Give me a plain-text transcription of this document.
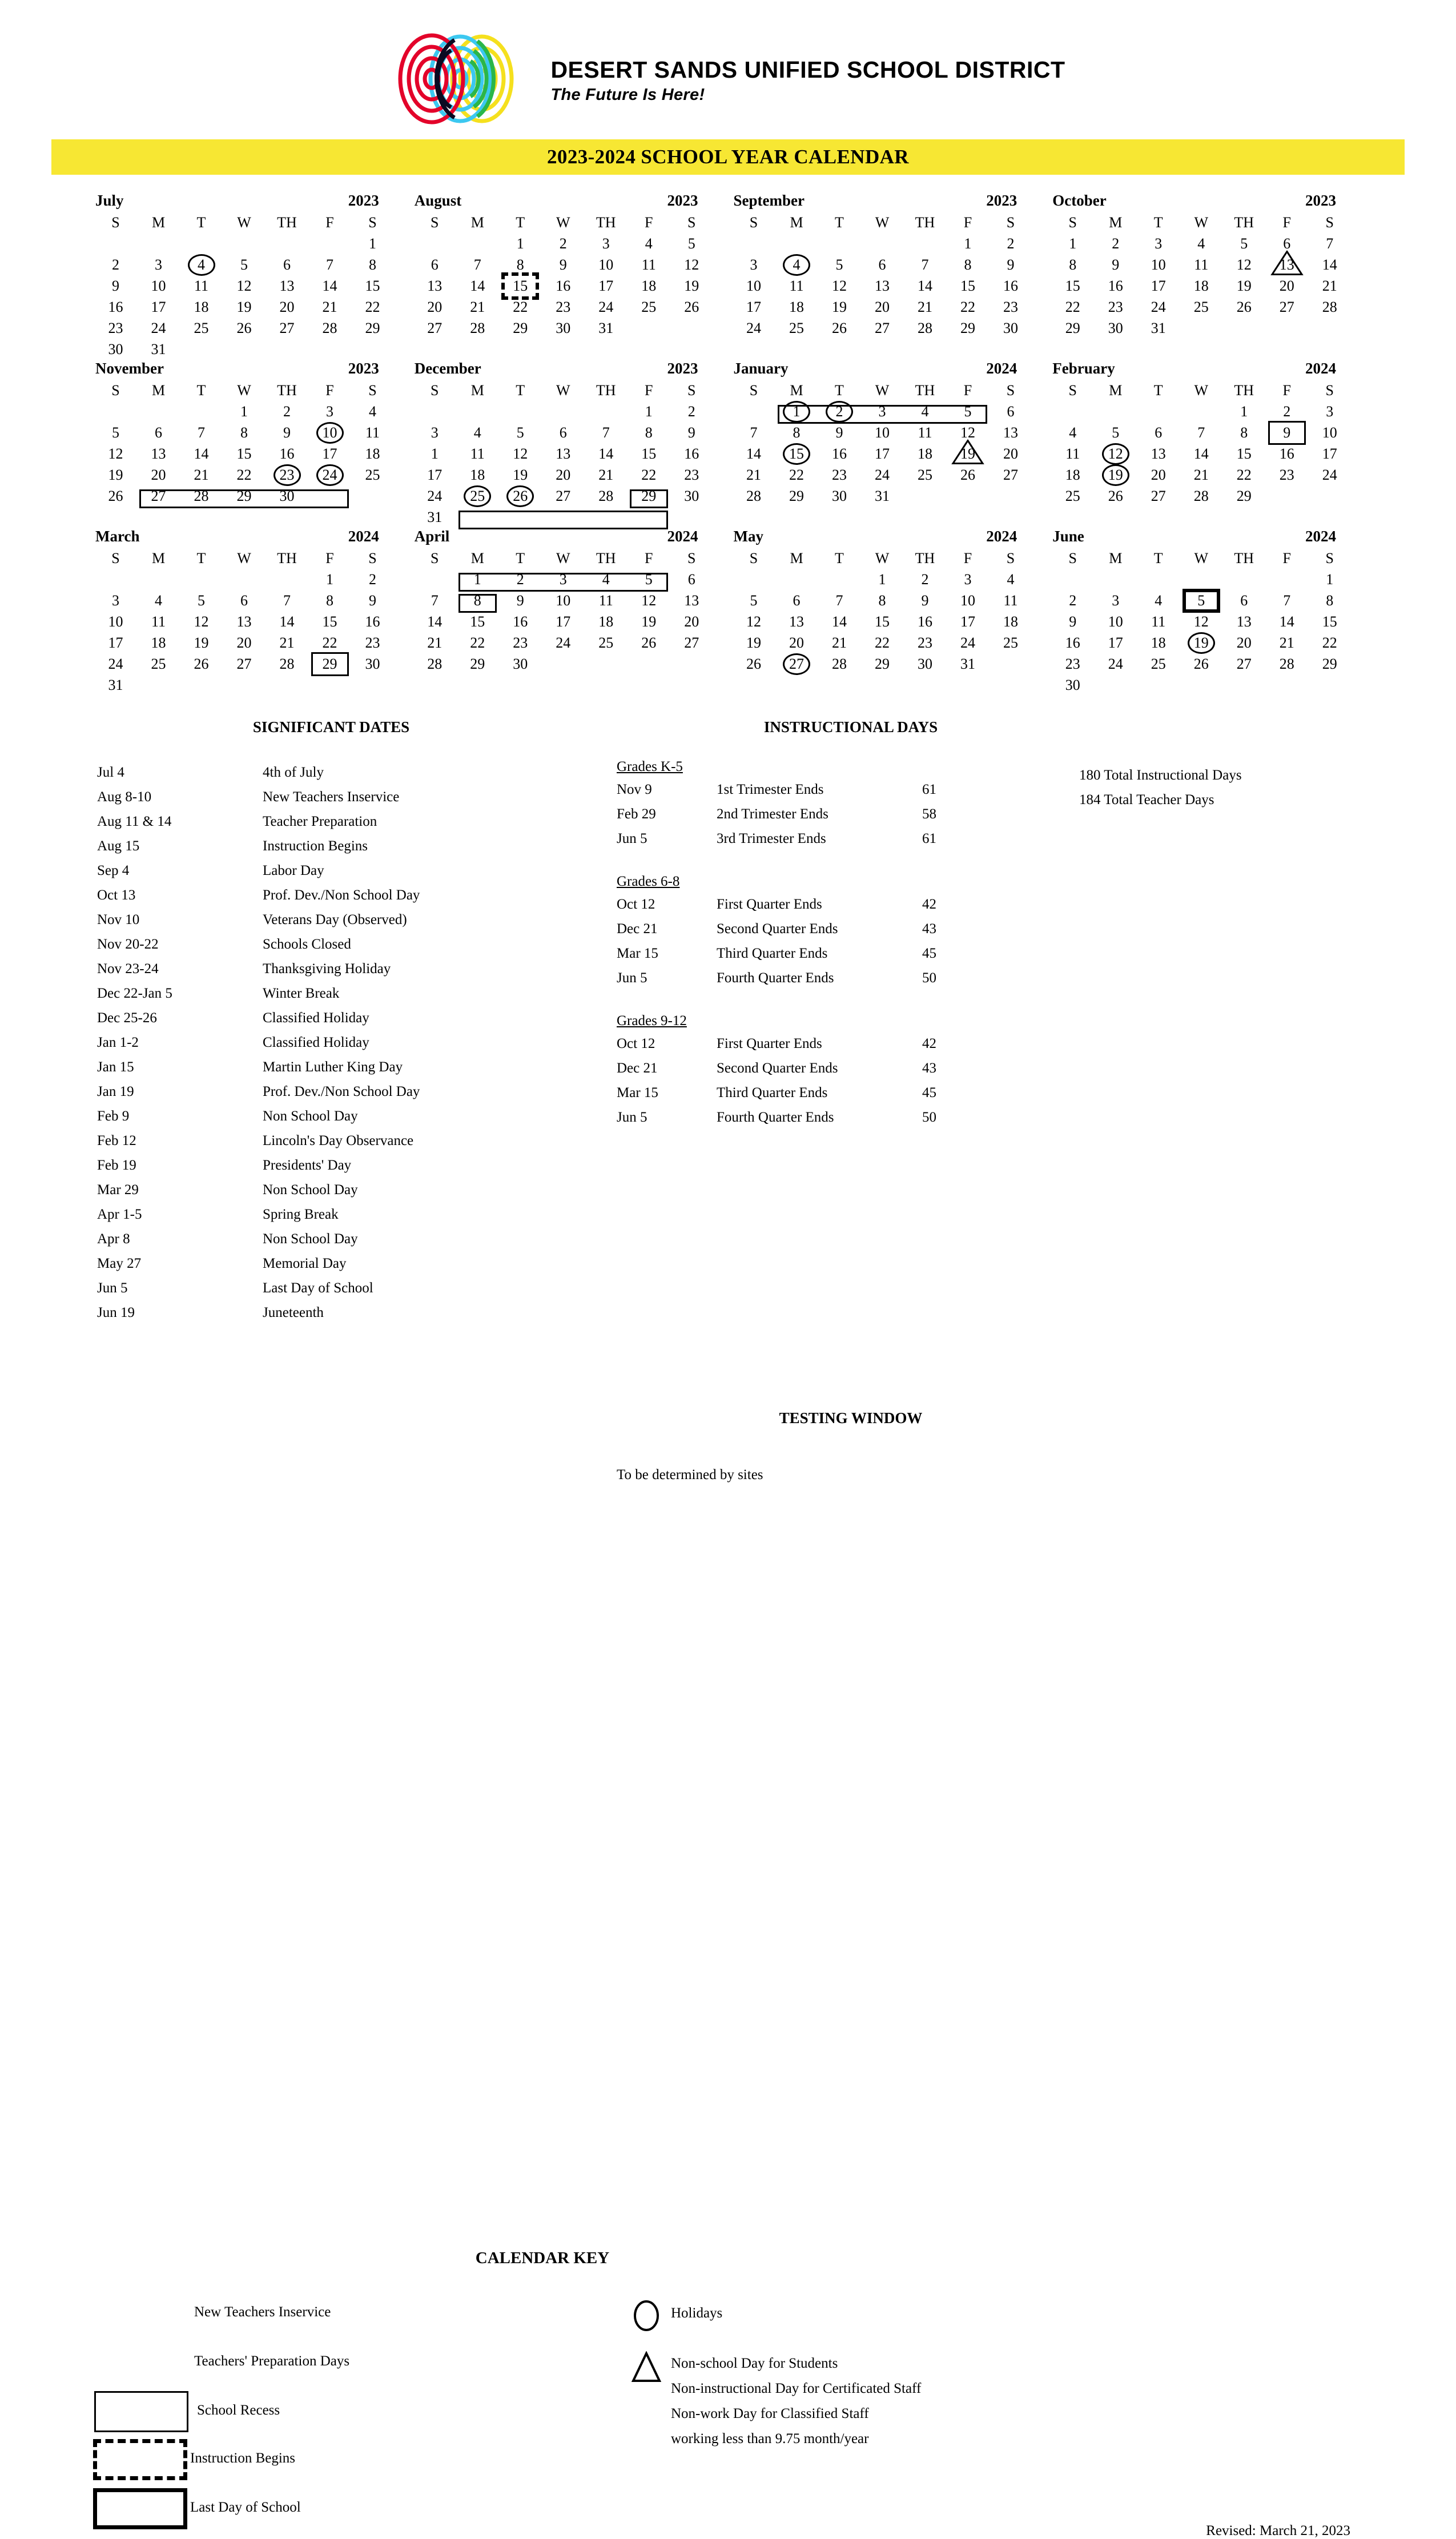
DESERT SANDS UNIFIED SCHOOL DISTRICT
The Future Is Here!
2023-2024 SCHOOL YEAR CALENDAR
July	2023
S	M	T	W	TH	F	S
						1
2	3	4	5	6	7	8
9	10	11	12	13	14	15
16	17	18	19	20	21	22
23	24	25	26	27	28	29
30	31					
August	2023
S	M	T	W	TH	F	S
		1	2	3	4	5
6	7	8	9	10	11	12
13	14	15	16	17	18	19
20	21	22	23	24	25	26
27	28	29	30	31		
September	2023
S	M	T	W	TH	F	S
					1	2
3	4	5	6	7	8	9
10	11	12	13	14	15	16
17	18	19	20	21	22	23
24	25	26	27	28	29	30
October	2023
S	M	T	W	TH	F	S
1	2	3	4	5	6	7
8	9	10	11	12	13	14
15	16	17	18	19	20	21
22	23	24	25	26	27	28
29	30	31				
November	2023
S	M	T	W	TH	F	S
			1	2	3	4
5	6	7	8	9	10	11
12	13	14	15	16	17	18
19	20	21	22	23	24	25
26	27	28	29	30		
December	2023
S	M	T	W	TH	F	S
					1	2
3	4	5	6	7	8	9
1	11	12	13	14	15	16
17	18	19	20	21	22	23
24	25	26	27	28	29	30
31						
January	2024
S	M	T	W	TH	F	S
	1	2	3	4	5	6
7	8	9	10	11	12	13
14	15	16	17	18	19	20
21	22	23	24	25	26	27
28	29	30	31			
February	2024
S	M	T	W	TH	F	S
				1	2	3
4	5	6	7	8	9	10
11	12	13	14	15	16	17
18	19	20	21	22	23	24
25	26	27	28	29		
March	2024
S	M	T	W	TH	F	S
					1	2
3	4	5	6	7	8	9
10	11	12	13	14	15	16
17	18	19	20	21	22	23
24	25	26	27	28	29	30
31						
April	2024
S	M	T	W	TH	F	S
	1	2	3	4	5	6
7	8	9	10	11	12	13
14	15	16	17	18	19	20
21	22	23	24	25	26	27
28	29	30				
May	2024
S	M	T	W	TH	F	S
			1	2	3	4
5	6	7	8	9	10	11
12	13	14	15	16	17	18
19	20	21	22	23	24	25
26	27	28	29	30	31	
June	2024
S	M	T	W	TH	F	S
						1
2	3	4	5	6	7	8
9	10	11	12	13	14	15
16	17	18	19	20	21	22
23	24	25	26	27	28	29
30						
SIGNIFICANT DATES
Jul 4	4th of July
Aug 8-10	New Teachers Inservice
Aug 11 & 14	Teacher Preparation
Aug 15	Instruction Begins
Sep 4	Labor Day
Oct 13	Prof. Dev./Non School Day
Nov 10	Veterans Day (Observed)
Nov 20-22	Schools Closed
Nov 23-24	Thanksgiving Holiday
Dec 22-Jan 5	Winter Break
Dec 25-26	Classified Holiday
Jan 1-2	Classified Holiday
Jan 15	Martin Luther King Day
Jan 19	Prof. Dev./Non School Day
Feb 9	Non School Day
Feb 12	Lincoln's Day Observance
Feb 19	Presidents' Day
Mar 29	Non School Day
Apr 1-5	Spring Break
Apr 8	Non School Day
May 27	Memorial Day
Jun 5	Last Day of School
Jun 19	Juneteenth
INSTRUCTIONAL DAYS
Grades K-5
Nov 9	1st Trimester Ends	61
Feb 29	2nd Trimester Ends	58
Jun 5	3rd Trimester Ends	61
Grades 6-8
Oct 12	First Quarter Ends	42
Dec 21	Second Quarter Ends	43
Mar 15	Third Quarter Ends	45
Jun 5	Fourth Quarter Ends	50
Grades 9-12
Oct 12	First Quarter Ends	42
Dec 21	Second Quarter Ends	43
Mar 15	Third Quarter Ends	45
Jun 5	Fourth Quarter Ends	50
180 Total Instructional Days
184 Total Teacher Days
TESTING WINDOW
To be determined by sites
CALENDAR KEY
New Teachers Inservice
Teachers' Preparation Days
School Recess
Instruction Begins
Last Day of School
Holidays
Non-school Day for Students
Non-instructional Day for Certificated Staff
Non-work Day for Classified Staff
working less than 9.75 month/year
Revised: March 21, 2023
